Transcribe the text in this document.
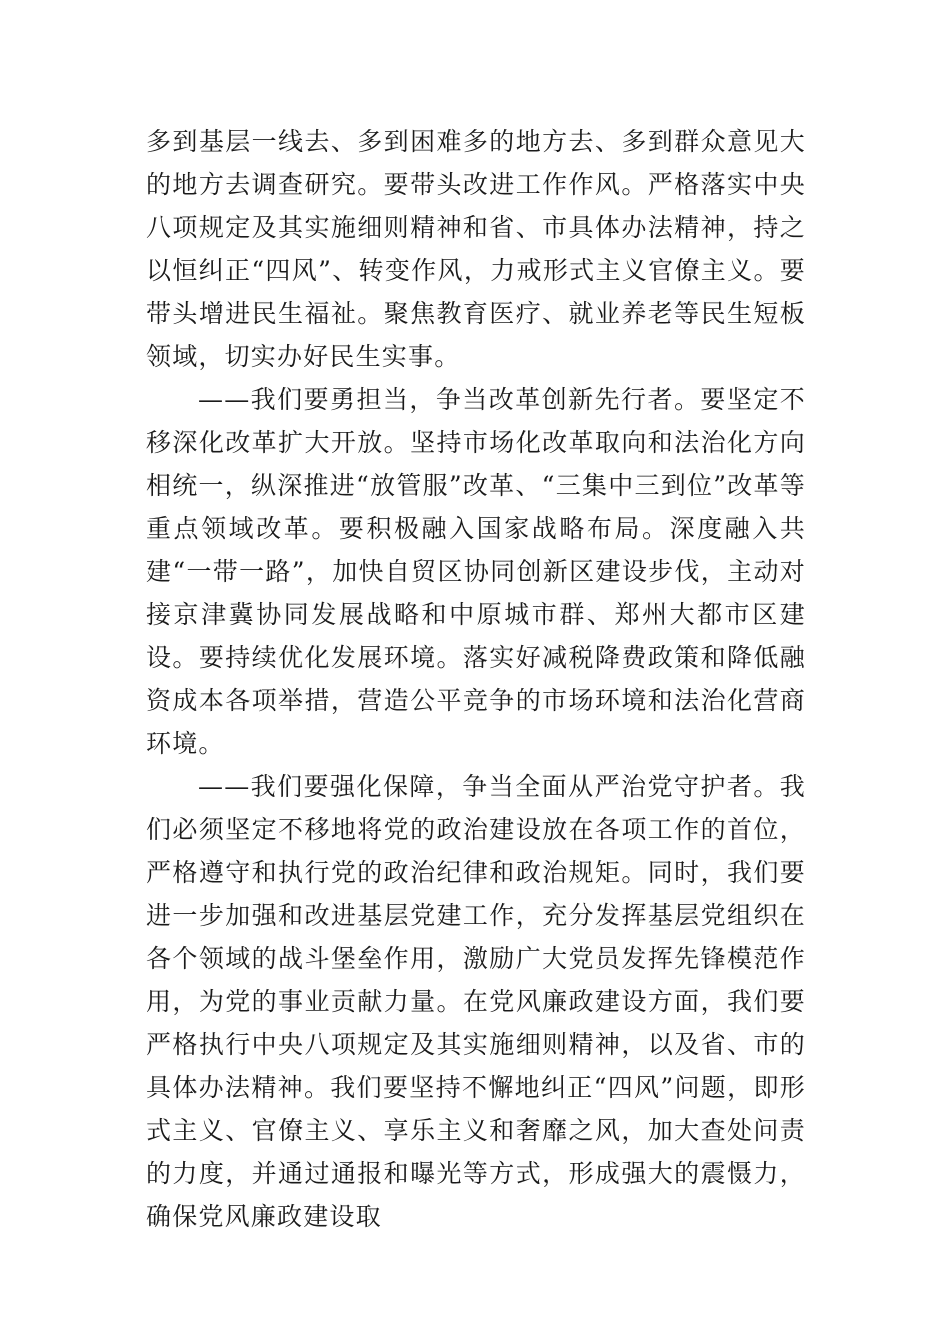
多到基层一线去、多到困难多的地方去、多到群众意见大的地方去调查研究。要带头改进工作作风。严格落实中央八项规定及其实施细则精神和省、市具体办法精神，持之以恒纠正“四风”、转变作风，力戒形式主义官僚主义。要带头增进民生福祉。聚焦教育医疗、就业养老等民生短板领域，切实办好民生实事。

——我们要勇担当，争当改革创新先行者。要坚定不移深化改革扩大开放。坚持市场化改革取向和法治化方向相统一，纵深推进“放管服”改革、“三集中三到位”改革等重点领域改革。要积极融入国家战略布局。深度融入共建“一带一路”，加快自贸区协同创新区建设步伐，主动对接京津冀协同发展战略和中原城市群、郑州大都市区建设。要持续优化发展环境。落实好减税降费政策和降低融资成本各项举措，营造公平竞争的市场环境和法治化营商环境。

——我们要强化保障，争当全面从严治党守护者。我们必须坚定不移地将党的政治建设放在各项工作的首位，严格遵守和执行党的政治纪律和政治规矩。同时，我们要进一步加强和改进基层党建工作，充分发挥基层党组织在各个领域的战斗堡垒作用，激励广大党员发挥先锋模范作用，为党的事业贡献力量。在党风廉政建设方面，我们要严格执行中央八项规定及其实施细则精神，以及省、市的具体办法精神。我们要坚持不懈地纠正“四风”问题，即形式主义、官僚主义、享乐主义和奢靡之风，加大查处问责的力度，并通过通报和曝光等方式，形成强大的震慑力，确保党风廉政建设取
